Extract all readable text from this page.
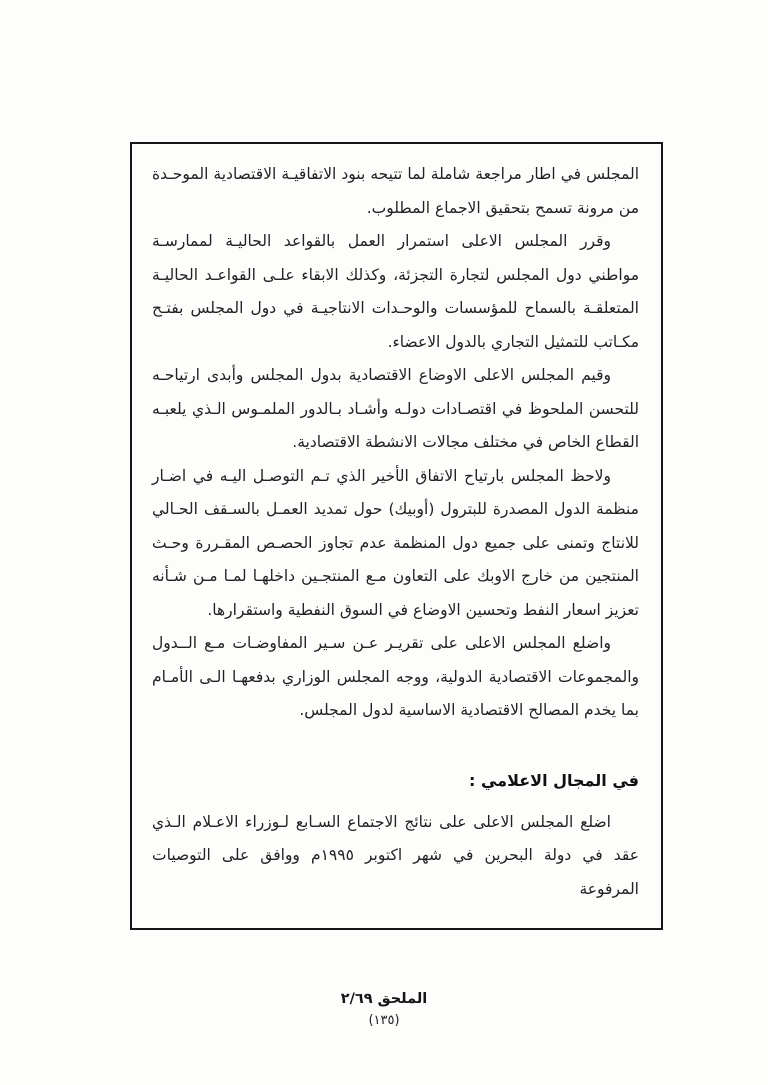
المجلس في اطار مراجعة شاملة لما تتيحه بنود الاتفاقيـة الاقتصادية الموحـدة من مرونة تسمح بتحقيق الاجماع المطلوب.

وقرر المجلس الاعلى استمرار العمل بالقواعد الحاليـة لممارسـة مواطني دول المجلس لتجارة التجزئة، وكذلك الابقاء علـى القواعـد الحاليـة المتعلقـة بالسماح للمؤسسات والوحـدات الانتاجيـة في دول المجلس بفتـح مكـاتب للتمثيل التجاري بالدول الاعضاء.

وقيم المجلس الاعلى الاوضاع الاقتصادية بدول المجلس وأبدى ارتياحـه للتحسن الملحوظ في اقتصـادات دولـه وأشـاد بـالدور الملمـوس الـذي يلعبـه القطاع الخاص في مختلف مجالات الانشطة الاقتصادية.

ولاحظ المجلس بارتياح الاتفاق الأخير الذي تـم التوصـل اليـه في اضـار منظمة الدول المصدرة للبترول (أوبيك) حول تمديد العمـل بالسـقف الحـالي للانتاج وتمنى على جميع دول المنظمة عدم تجاوز الحصـص المقـررة وحـث المنتجين من خارج الاوبك على التعاون مـع المنتجـين داخلهـا لمـا مـن شـأنه تعزيز اسعار النفط وتحسين الاوضاع في السوق النفطية واستقرارها.

واضلع المجلس الاعلى على تقريـر عـن سـير المفاوضـات مـع الــدول والمجموعات الاقتصادية الدولية، ووجه المجلس الوزاري بدفعهـا الـى الأمـام بما يخدم المصالح الاقتصادية الاساسية لدول المجلس.

في المجال الاعلامي :

اضلع المجلس الاعلى على نتائج الاجتماع السـابع لـوزراء الاعـلام الـذي عقد في دولة البحرين في شهر اكتوبر ١٩٩٥م ووافق على التوصيات المرفوعة

الملحق ٢/٦٩
(١٣٥)
